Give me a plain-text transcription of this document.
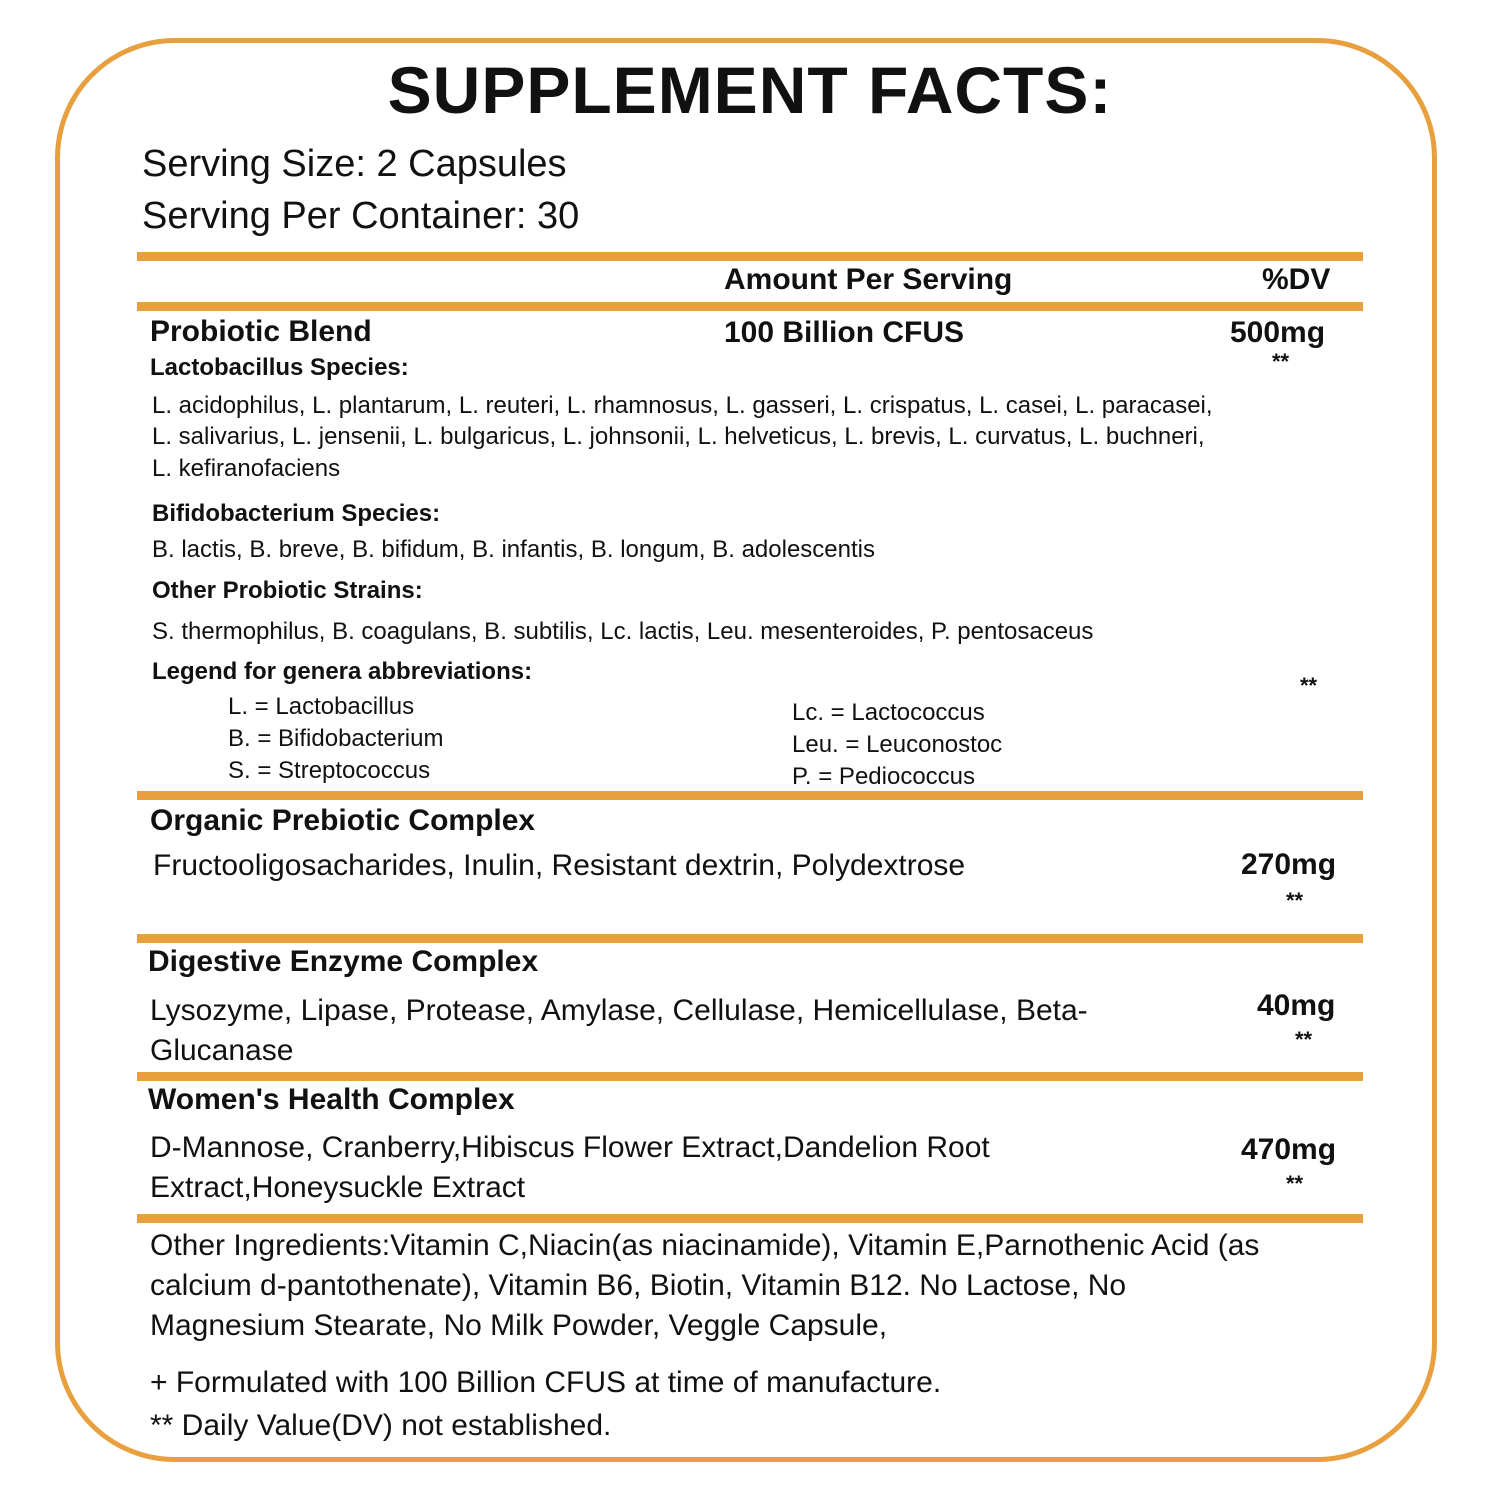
SUPPLEMENT FACTS:

Serving Size: 2 Capsules

Serving Per Container: 30

Amount Per Serving	%DV
Probiotic Blend	100 Billion CFUS	500mg
**
Lactobacillus Species:
L. acidophilus, L. plantarum, L. reuteri, L. rhamnosus, L. gasseri, L. crispatus, L. casei, L. paracasei,
L. salivarius, L. jensenii, L. bulgaricus, L. johnsonii, L. helveticus, L. brevis, L. curvatus, L. buchneri,
L. kefiranofaciens
Bifidobacterium Species:
B. lactis, B. breve, B. bifidum, B. infantis, B. longum, B. adolescentis
Other Probiotic Strains:
S. thermophilus, B. coagulans, B. subtilis, Lc. lactis, Leu. mesenteroides, P. pentosaceus
Legend for genera abbreviations:
**
L. = Lactobacillus
B. = Bifidobacterium
S. = Streptococcus
Lc. = Lactococcus
Leu. = Leuconostoc
P. = Pediococcus
Organic Prebiotic Complex
Fructooligosacharides, Inulin, Resistant dextrin, Polydextrose	270mg
**
Digestive Enzyme Complex
Lysozyme, Lipase, Protease, Amylase, Cellulase, Hemicellulase, Beta-
Glucanase
40mg
**
Women's Health Complex
D-Mannose, Cranberry,Hibiscus Flower Extract,Dandelion Root
Extract,Honeysuckle Extract
470mg
**
Other Ingredients:Vitamin C,Niacin(as niacinamide), Vitamin E,Parnothenic Acid (as
calcium d-pantothenate), Vitamin B6, Biotin, Vitamin B12. No Lactose, No
Magnesium Stearate, No Milk Powder, Veggle Capsule,
+ Formulated with 100 Billion CFUS at time of manufacture.
** Daily Value(DV) not established.
